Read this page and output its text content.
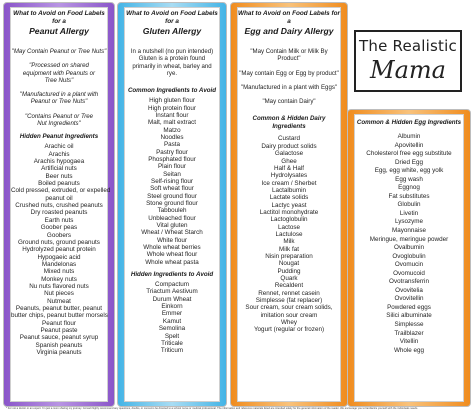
What to Avoid on Food Labels for a
Peanut Allergy
"May Contain Peanut or Tree Nuts"
"Processed on shared equipment with Peanuts or Tree Nuts"
"Manufactured in a plant with Peanut or Tree Nuts"
"Contains Peanut or Tree Nut Ingredients"
Hidden Peanut Ingredients
Arachic oil
Arachis
Arachis hypogaea
Artificial nuts
Beer nuts
Boiled peanuts
Cold pressed, extruded, or expelled
peanut oil
Crushed nuts, crushed peanuts
Dry roasted peanuts
Earth nuts
Goober peas
Goobers
Ground nuts, ground peanuts
Hydrolyzed peanut protein
Hypogaeic acid
Mandelonas
Mixed nuts
Monkey nuts
Nu nuts flavored nuts
Nut pieces
Nutmeat
Peanuts, peanut butter, peanut
butter chips, peanut butter morsels
Peanut flour
Peanut paste
Peanut sauce, peanut syrup
Spanish peanuts
Virginia peanuts
What to Avoid on Food Labels for a
Gluten Allergy
In a nutshell (no pun intended) Gluten is a protein found primarily in wheat, barley and rye.
Common Ingredients to Avoid
High gluten flour
High protein flour
Instant flour
Malt, malt extract
Matzo
Noodles
Pasta
Pastry flour
Phosphated flour
Plain flour
Seitan
Self-rising flour
Soft wheat flour
Steel ground flour
Stone ground flour
Tabbouleh
Unbleached flour
Vital gluten
Wheat / Wheat Starch
White flour
Whole wheat berries
Whole wheat flour
Whole wheat pasta
Hidden Ingredients to Avoid
Compactum
Triactum Aestivum
Durum Wheat
Einkorn
Emmer
Kamut
Semolina
Spelt
Triticale
Triticum
What to Avoid on Food Labels for a
Egg and Dairy Allergy
"May Contain Milk or Milk By Product"
"May contain Egg or Egg by product"
"Manufactured in a plant with Eggs"
"May contain Dairy"
Common & Hidden Dairy Ingredients
Custard
Dairy product solids
Galactose
Ghee
Half & Half
Hydrolysates
Ice cream / Sherbet
Lactalbumin
Lactate solids
Lactyc yeast
Lactitol monohydrate
Lactoglobulin
Lactose
Lactulose
Milk
Milk fat
Nisin preparation
Nougat
Pudding
Quark
Recaldent
Rennet, rennet casein
Simplesse (fat replacer)
Sour cream, sour cream solids, imitation sour cream
Whey
Yogurt (regular or frozen)
The Realistic
Mama
Common & Hidden Egg Ingredients
Albumin
Apovitellin
Cholesterol free egg substitute
Dried Egg
Egg, egg white, egg yolk
Egg wash
Eggnog
Fat substitutes
Globulin
Livetin
Lysozyme
Mayonnaise
Meringue, meringue powder
Ovalbumin
Ovoglobulin
Ovomucin
Ovomucoid
Ovotransferrin
Ovovitelia
Ovovitellin
Powdered eggs
Silici albuminate
Simplesse
Trailblazer
Vitellin
Whole egg
* For not a doctor or an expert. I'm just a mom sharing my journey. Consult highly recommend any questions, doubts, or concerns be directed to a school nurse or medical professional. The information and reference materials listed are intended solely for the general information of the reader. We encourage you to familiarize yourself with the individuals needs.
